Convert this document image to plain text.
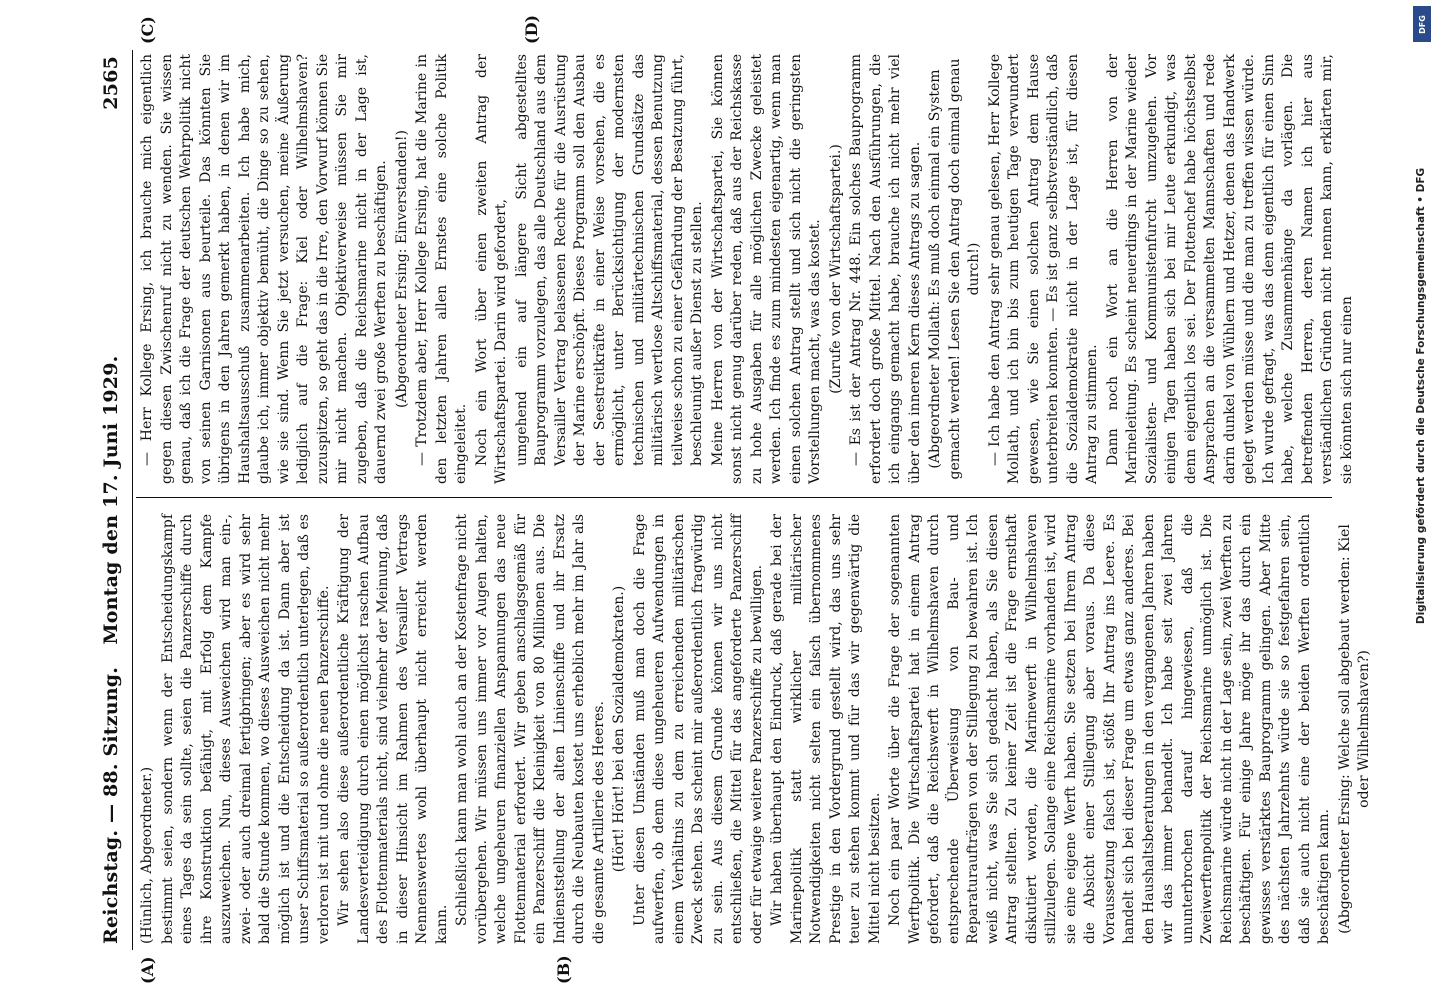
Reichstag. — 88. Sitzung.
Montag den 17. Juni 1929.
2565
(A)	(B)
(C)	(D)

(Hünlich, Abgeordneter.) bestimmt seien, sondern wenn der Entscheidungskampf eines Tages da sein sollte, seien die Panzerschiffe durch ihre Konstruktion befähigt, mit Erfolg dem Kampfe auszuweichen. Nun, dieses Ausweichen wird man ein-, zwei- oder auch dreimal fertigbringen; aber es wird sehr bald die Stunde kommen, wo dieses Ausweichen nicht mehr möglich ist und die Entscheidung da ist. Dann aber ist unser Schiffsmaterial so außerordentlich unterlegen, daß es verloren ist mit und ohne die neuen Panzerschiffe. Wir sehen also diese außerordentliche Kräftigung der Landesverteidigung durch einen möglichst raschen Aufbau des Flottenmaterials nicht, sind vielmehr der Meinung, daß in dieser Hinsicht im Rahmen des Versailler Vertrags Nennenswertes wohl überhaupt nicht erreicht werden kann. Schließlich kann man wohl auch an der Kostenfrage nicht vorübergehen. Wir müssen uns immer vor Augen halten, welche ungeheuren finanziellen Anspannungen das neue Flottenmaterial erfordert. Wir geben anschlagsgemäß für ein Panzerschiff die Kleinigkeit von 80 Millionen aus. Die Indienststellung der alten Linienschiffe und ihr Ersatz durch die Neubauten kostet uns erheblich mehr im Jahr als die gesamte Artillerie des Heeres. (Hört! Hört! bei den Sozialdemokraten.) Unter diesen Umständen muß man doch die Frage aufwerfen, ob denn diese ungeheueren Aufwendungen in einem Verhältnis zu dem zu erreichenden militärischen Zweck stehen. Das scheint mir außerordentlich fragwürdig zu sein. Aus diesem Grunde können wir uns nicht entschließen, die Mittel für das angeforderte Panzerschiff oder für etwaige weitere Panzerschiffe zu bewilligen. Wir haben überhaupt den Eindruck, daß gerade bei der Marinepolitik statt wirklicher militärischer Notwendigkeiten nicht selten ein falsch übernommenes Prestige in den Vordergrund gestellt wird, das uns sehr teuer zu stehen kommt und für das wir gegenwärtig die Mittel nicht besitzen. Noch ein paar Worte über die Frage der sogenannten Werftpolitik. Die Wirtschaftspartei hat in einem Antrag gefordert, daß die Reichswerft in Wilhelmshaven durch entsprechende Überweisung von Bau- und Reparaturaufträgen von der Stillegung zu bewahren ist. Ich weiß nicht, was Sie sich gedacht haben, als Sie diesen Antrag stellten. Zu keiner Zeit ist die Frage ernsthaft diskutiert worden, die Marinewerft in Wilhelmshaven stillzulegen. Solange eine Reichsmarine vorhanden ist, wird sie eine eigene Werft haben. Sie setzen bei Ihrem Antrag die Absicht einer Stillegung aber voraus. Da diese Voraussetzung falsch ist, stößt Ihr Antrag ins Leere. Es handelt sich bei dieser Frage um etwas ganz anderes. Bei den Haushaltsberatungen in den vergangenen Jahren haben wir das immer behandelt. Ich habe seit zwei Jahren ununterbrochen darauf hingewiesen, daß die Zweiwerftenpolitik der Reichsmarine unmöglich ist. Die Reichsmarine würde nicht in der Lage sein, zwei Werften zu beschäftigen. Für einige Jahre möge ihr das durch ein gewisses verstärktes Bauprogramm gelingen. Aber Mitte des nächsten Jahrzehnts würde sie so festgefahren sein, daß sie auch nicht eine der beiden Werften ordentlich beschäftigen kann. (Abgeordneter Ersing: Welche soll abgebaut werden: Kiel oder Wilhelmshaven?)

— Herr Kollege Ersing, ich brauche mich eigentlich gegen diesen Zwischenruf nicht zu wenden. Sie wissen genau, daß ich die Frage der deutschen Wehrpolitik nicht von seinen Garnisonen aus beurteile. Das könnten Sie übrigens in den Jahren gemerkt haben, in denen wir im Haushaltsausschuß zusammenarbeiten. Ich habe mich, glaube ich, immer objektiv bemüht, die Dinge so zu sehen, wie sie sind. Wenn Sie jetzt versuchen, meine Äußerung lediglich auf die Frage: Kiel oder Wilhelmshaven? zuzuspitzen, so geht das in die Irre, den Vorwurf können Sie mir nicht machen. Objektiverweise müssen Sie mir zugeben, daß die Reichsmarine nicht in der Lage ist, dauernd zwei große Werften zu beschäftigen. (Abgeordneter Ersing: Einverstanden!) — Trotzdem aber, Herr Kollege Ersing, hat die Marine in den letzten Jahren allen Ernstes eine solche Politik eingeleitet. Noch ein Wort über einen zweiten Antrag der Wirtschaftspartei. Darin wird gefordert, umgehend ein auf längere Sicht abgestelltes Bauprogramm vorzulegen, das alle Deutschland aus dem Versailler Vertrag belassenen Rechte für die Ausrüstung der Marine erschöpft. Dieses Programm soll den Ausbau der Seestreitkräfte in einer Weise vorsehen, die es ermöglicht, unter Berücksichtigung der modernsten technischen und militärtechnischen Grundsätze das militärisch wertlose Altschiffsmaterial, dessen Benutzung teilweise schon zu einer Gefährdung der Besatzung führt, beschleunigt außer Dienst zu stellen. Meine Herren von der Wirtschaftspartei, Sie können sonst nicht genug darüber reden, daß aus der Reichskasse zu hohe Ausgaben für alle möglichen Zwecke geleistet werden. Ich finde es zum mindesten eigenartig, wenn man einen solchen Antrag stellt und sich nicht die geringsten Vorstellungen macht, was das kostet. (Zurufe von der Wirtschaftspartei.) — Es ist der Antrag Nr. 448. Ein solches Bauprogramm erfordert doch große Mittel. Nach den Ausführungen, die ich eingangs gemacht habe, brauche ich nicht mehr viel über den inneren Kern dieses Antrags zu sagen. (Abgeordneter Mollath: Es muß doch einmal ein System gemacht werden! Lesen Sie den Antrag doch einmal genau durch!) — Ich habe den Antrag sehr genau gelesen, Herr Kollege Mollath, und ich bin bis zum heutigen Tage verwundert gewesen, wie Sie einen solchen Antrag dem Hause unterbreiten konnten. — Es ist ganz selbstverständlich, daß die Sozialdemokratie nicht in der Lage ist, für diesen Antrag zu stimmen. Dann noch ein Wort an die Herren von der Marineleitung. Es scheint neuerdings in der Marine wieder Sozialisten- und Kommunistenfurcht umzugehen. Vor einigen Tagen haben sich bei mir Leute erkundigt, was denn eigentlich los sei. Der Flottenchef habe höchstselbst Ansprachen an die versammelten Mannschaften und rede darin dunkel von Wühlern und Hetzer, denen das Handwerk gelegt werden müsse und die man zu treffen wissen würde. Ich wurde gefragt, was das denn eigentlich für einen Sinn habe, welche Zusammenhänge da vorlägen. Die betreffenden Herren, deren Namen ich hier aus verständlichen Gründen nicht nennen kann, erklärten mir, sie könnten sich nur einen

DFG
Digitalisierung gefördert durch die Deutsche Forschungsgemeinschaft • DFG
